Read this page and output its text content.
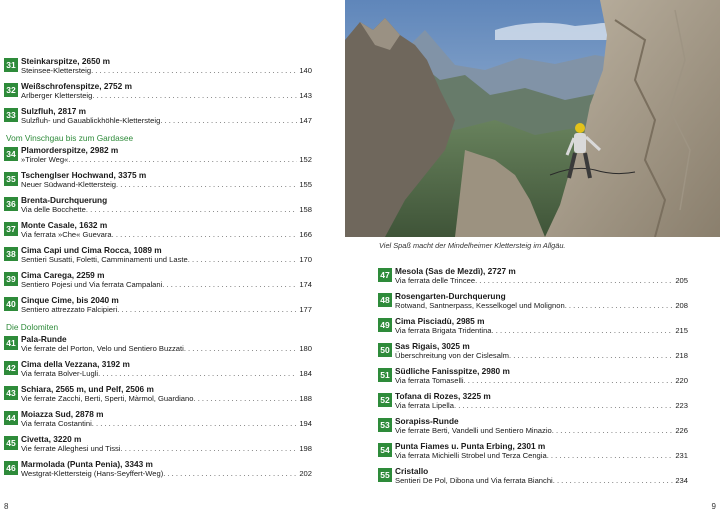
31 Steinkarspitze, 2650 m
Steinsee-Klettersteig . . .	140
32 Weißschrofenspitze, 2752 m
Arlberger Klettersteig . . .	143
33 Sulzfluh, 2817 m
Sulzfluh- und Gauablickhöhle-Klettersteig . . .	147
Vom Vinschgau bis zum Gardasee
34 Plamorderspitze, 2982 m
»Tiroler Weg« . . .	152
35 Tschenglser Hochwand, 3375 m
Neuer Südwand-Klettersteig . . .	155
36 Brenta-Durchquerung
Via delle Bocchette . . .	158
37 Monte Casale, 1632 m
Via ferrata »Che« Guevara . . .	166
38 Cima Capi und Cima Rocca, 1089 m
Sentieri Susatti, Foletti, Camminamenti und Laste . . .	170
39 Cima Carega, 2259 m
Sentiero Pojesi und Via ferrata Campalani . . .	174
40 Cinque Cime, bis 2040 m
Sentiero attrezzato Falcipieri . . .	177
Die Dolomiten
41 Pala-Runde
Vie ferrate del Porton, Velo und Sentiero Buzzati . . .	180
42 Cima della Vezzana, 3192 m
Via ferrata Bolver-Lugli . . .	184
43 Schiara, 2565 m, und Pelf, 2506 m
Vie ferrate Zacchi, Berti, Sperti, Màrmol, Guardiano . . .	188
44 Moiazza Sud, 2878 m
Via ferrata Costantini . . .	194
45 Civetta, 3220 m
Vie ferrate Alleghesi und Tissi . . .	198
46 Marmolada (Punta Penia), 3343 m
Westgrat-Klettersteig (Hans-Seyffert-Weg) . . .	202
Viel Spaß macht der Mindelheimer Klettersteig im Allgäu.
47 Mesola (Sas de Mezdì), 2727 m
Via ferrata delle Trincee . . .	205
48 Rosengarten-Durchquerung
Rotwand, Santnerpass, Kesselkogel und Molignon . . .	208
49 Cima Pisciadù, 2985 m
Via ferrata Brigata Tridentina . . .	215
50 Sas Rigais, 3025 m
Überschreitung von der Cislesalm . . .	218
51 Südliche Fanisspitze, 2980 m
Via ferrata Tomaselli . . .	220
52 Tofana di Rozes, 3225 m
Via ferrata Lipella . . .	223
53 Sorapiss-Runde
Vie ferrate Berti, Vandelli und Sentiero Minazio . . .	226
54 Punta Fiames u. Punta Erbing, 2301 m
Via ferrata Michielli Strobel und Terza Cengia . . .	231
55 Cristallo
Sentieri De Pol, Dibona und Via ferrata Bianchi . . .	234
8	9
